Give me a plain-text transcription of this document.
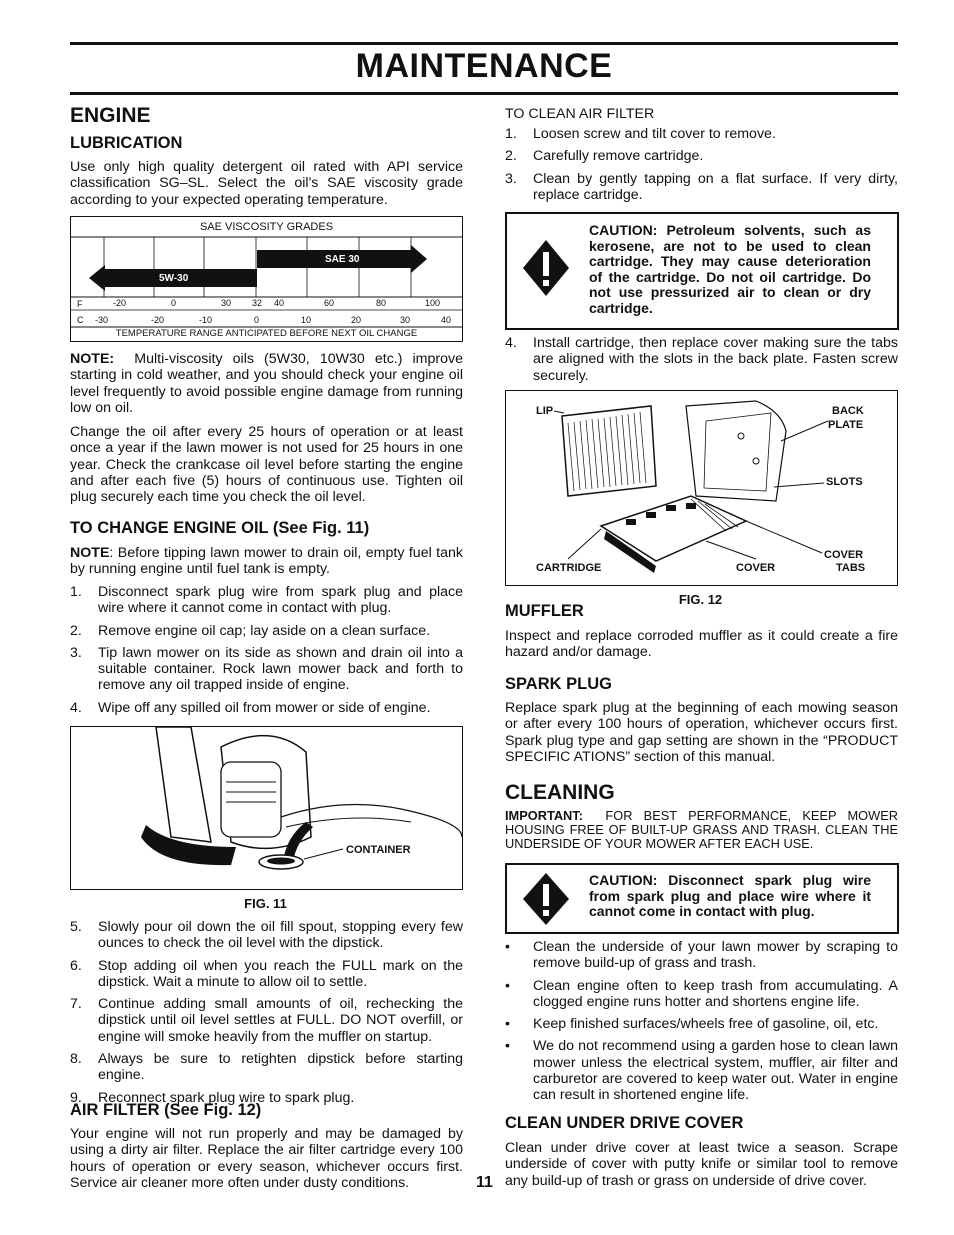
MAINTENANCE
ENGINE
LUBRICATION
Use only high quality detergent oil rated with API service classification SG–SL. Select the oil's SAE viscosity grade according to your expected operating temperature.
SAE VISCOSITY GRADES
5W-30
SAE 30
F	-20	0	30 32 40	60	80	100
C -30	-20	-10	0	10	20	30	40
TEMPERATURE RANGE ANTICIPATED BEFORE NEXT OIL CHANGE
NOTE: Multi-viscosity oils (5W30, 10W30 etc.) improve starting in cold weather, and you should check your engine oil level frequently to avoid possible engine damage from running low on oil.
Change the oil after every 25 hours of operation or at least once a year if the lawn mower is not used for 25 hours in one year. Check the crankcase oil level before starting the engine and after each five (5) hours of continuous use. Tighten oil plug securely each time you check the oil level.
TO CHANGE ENGINE OIL (See Fig. 11)
NOTE: Before tipping lawn mower to drain oil, empty fuel tank by running engine until fuel tank is empty.
1. Disconnect spark plug wire from spark plug and place wire where it cannot come in contact with plug.
2. Remove engine oil cap; lay aside on a clean surface.
3. Tip lawn mower on its side as shown and drain oil into a suitable container. Rock lawn mower back and forth to remove any oil trapped inside of engine.
4. Wipe off any spilled oil from mower or side of engine.
CONTAINER
FIG. 11
5. Slowly pour oil down the oil fill spout, stopping every few ounces to check the oil level with the dipstick.
6. Stop adding oil when you reach the FULL mark on the dipstick. Wait a minute to allow oil to settle.
7. Continue adding small amounts of oil, rechecking the dipstick until oil level settles at FULL. DO NOT overfill, or engine will smoke heavily from the muffler on startup.
8. Always be sure to retighten dipstick before starting engine.
9. Reconnect spark plug wire to spark plug.
AIR FILTER (See Fig. 12)
Your engine will not run properly and may be damaged by using a dirty air filter. Replace the air filter cartridge every 100 hours of operation or every season, whichever occurs first. Service air cleaner more often under dusty conditions.	11
TO CLEAN AIR FILTER
1. Loosen screw and tilt cover to remove.
2. Carefully remove cartridge.
3. Clean by gently tapping on a flat surface. If very dirty, replace cartridge.
CAUTION: Petroleum solvents, such as kerosene, are not to be used to clean cartridge. They may cause deterioration of the cartridge. Do not oil cartridge. Do not use pressurized air to clean or dry cartridge.
4. Install cartridge, then replace cover making sure the tabs are aligned with the slots in the back plate. Fasten screw securely.
LIP	BACK
PLATE
SLOTS
COVER
TABS
CARTRIDGE	COVER
FIG. 12
MUFFLER
Inspect and replace corroded muffler as it could create a fire hazard and/or damage.
SPARK PLUG
Replace spark plug at the beginning of each mowing season or after every 100 hours of operation, whichever occurs first. Spark plug type and gap setting are shown in the “PRODUCT SPECIFIC ATIONS” section of this manual.
CLEANING
IMPORTANT: FOR BEST PERFORMANCE, KEEP MOWER HOUSING FREE OF BUILT-UP GRASS AND TRASH. CLEAN THE UNDERSIDE OF YOUR MOWER AFTER EACH USE.
CAUTION: Disconnect spark plug wire from spark plug and place wire where it cannot come in contact with plug.
• Clean the underside of your lawn mower by scraping to remove build-up of grass and trash.
• Clean engine often to keep trash from accumulating. A clogged engine runs hotter and shortens engine life.
• Keep finished surfaces/wheels free of gasoline, oil, etc.
• We do not recommend using a garden hose to clean lawn mower unless the electrical system, muffler, air filter and carburetor are covered to keep water out. Water in engine can result in shortened engine life.
CLEAN UNDER DRIVE COVER
Clean under drive cover at least twice a season. Scrape underside of cover with putty knife or similar tool to remove any build-up of trash or grass on underside of drive cover.
